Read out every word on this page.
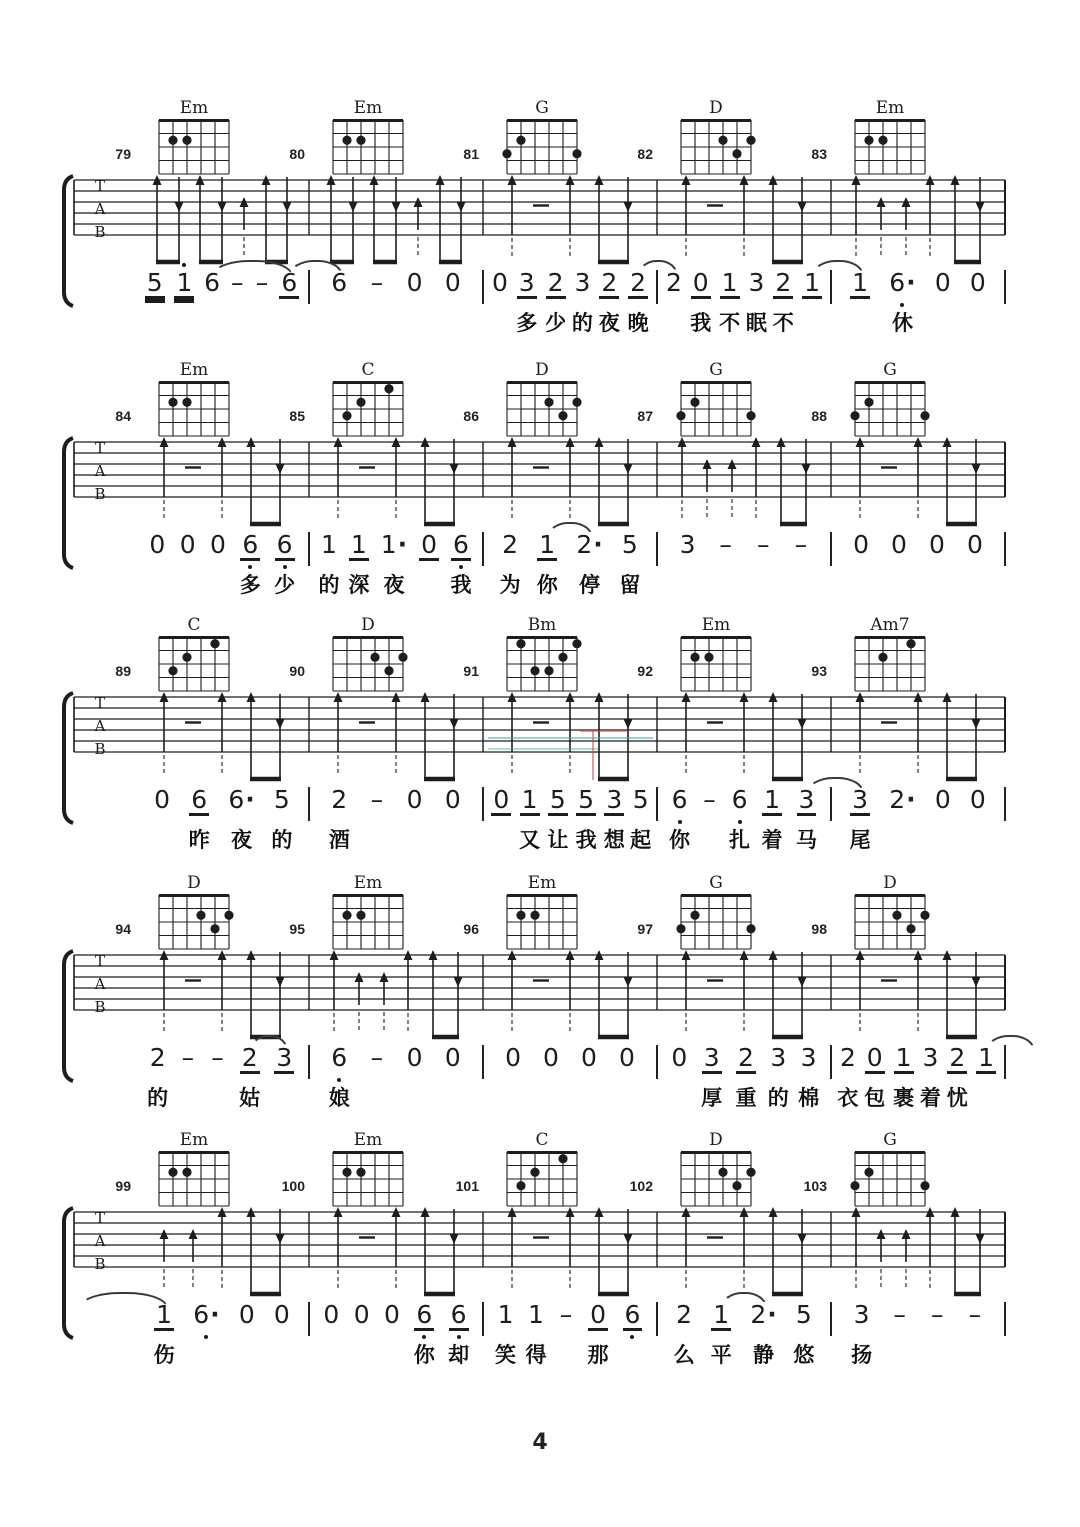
Em
79
5 1 6 – – 6
Em
80
6 – 0 0
G
81
0 3
多
2
少
3
的
2
夜
2
晚
D
82
2 0
我
1
不
3
眠
2
不
1
Em
83
1 6·
休
0 0
T
A
B
Em
84
0 0 0 6
多
6
少
C
85
1
的
1
深
1·
夜
0 6
我
D
86
2
为
1
你
2·
停
5
留
G
87
3 – – –
G
88
0 0 0 0
T
A
B
C
89
0 6
昨
6·
夜
5
的
D
90
2
酒
– 0 0
Bm
91
0 1
又
5
让
5
我
3
想
5
起
Em
92
6
你
– 6
扎
1
着
3
马
Am7
93
3
尾
2· 0 0
T
A
B
D
94
2
的
– – 2
姑
3
Em
95
6
娘
– 0 0
Em
96
0 0 0 0
G
97
0 3
厚
2
重
3
的
3
棉
D
98
2
衣
0
包
1
裹
3
着
2
忧
1
T
A
B
Em
99
1
伤
6· 0 0
Em
100
0 0 0 6
你
6
却
C
101
1
笑
1
得
– 0
那
6
D
102
2
么
1
平
2·
静
5
悠
G
103
3
扬
– – –
T
A
B
4
